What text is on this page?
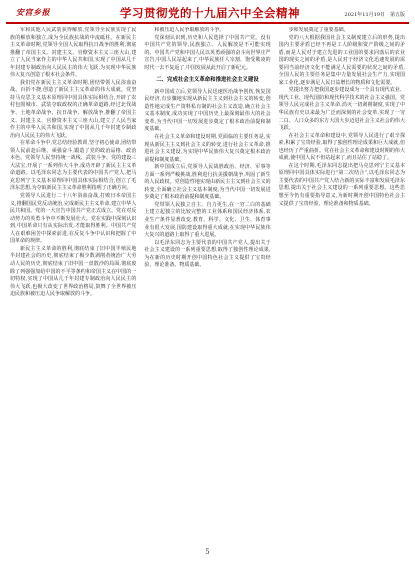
安宫乡报	学习贯彻党的十九届六中全会精神	2021年11月19日　第五版

军和其他人民武装获得解放,党领导全民族实现了民族的解放和独立,成为全民族抗战的中流砥柱。在新民主主义革命时期,党领导全国人民取得抗日战争的胜利,彻底推翻了帝国主义、封建主义、官僚资本主义三座大山,建立了人民当家作主的中华人民共和国,实现了中国从几千年封建专制政治向人民民主的伟大飞跃,为实现中华民族伟大复兴创造了根本社会条件。

我们党在新民主主义革命时期,团结带领人民浴血奋战、百折不挠,创造了新民主主义革命的伟大成就。党坚持马克思主义基本原理同中国具体实际相结合,开辟了农村包围城市、武装夺取政权的正确革命道路,经过北伐战争、土地革命战争、抗日战争、解放战争,推翻了帝国主义、封建主义、官僚资本主义三座大山,建立了人民当家作主的中华人民共和国,实现了中国从几千年封建专制政治向人民民主的伟大飞跃。

在革命斗争中,党总结经验教训,坚守初心使命,团结带领人民前赴后继、顽强奋斗,锻造了党的政治品格、政治本色。党领导人民坚持统一战线、武装斗争、党的建设三大法宝,开展了一系列伟大斗争,成功开辟了新民主主义革命道路。以毛泽东同志为主要代表的中国共产党人,把马克思列宁主义基本原理同中国具体实际相结合,创立了毛泽东思想,为夺取新民主主义革命胜利指明了正确方向。

党领导人民进行二十八年浴血奋战,打败日本帝国主义,推翻国民党反动统治,完成新民主主义革命,建立中华人民共和国。党的一大宣告中国共产党正式成立。党在对反动势力的英勇斗争中不断发展壮大。党在实践中深刻认识到,中国革命只有从实际出发,才能取得胜利。中国共产党人在艰难困苦中探索前进,在反复斗争中认识和把握了中国革命的规律。

新民主主义革命的胜利,彻底结束了旧中国半殖民地半封建社会的历史,彻底结束了极少数剥削者统治广大劳动人民的历史,彻底结束了旧中国一盘散沙的局面,彻底废除了列强强加给中国的不平等条约和帝国主义在中国的一切特权,实现了中国从几千年封建专制政治向人民民主的伟大飞跃,也极大改变了世界政治格局,鼓舞了全世界被压迫民族和被压迫人民争取解放的斗争。

和被压迫人民争取解放的斗争。

党深刻认识到,历史和人民选择了中国共产党。没有中国共产党的领导,民族独立、人民解放是不可能实现的。中国共产党和中国人民以英勇顽强的奋斗向世界庄严宣告,中国人民站起来了,中华民族任人宰割、饱受欺凌的时代一去不复返了,中国发展从此开启了新纪元。

二、完成社会主义革命和推进社会主义建设

新中国成立后,党领导人民迅速医治战争创伤,恢复国民经济,有步骤地实现从新民主主义到社会主义的转变,创造性地完成生产资料私有制的社会主义改造,确立社会主义基本制度,成功实现了中国历史上最深刻最伟大的社会变革,为当代中国一切发展进步奠定了根本政治前提和制度基础。

在社会主义革命和建设时期,党面临的主要任务是,实现从新民主主义到社会主义的转变,进行社会主义革命,推进社会主义建设,为实现中华民族伟大复兴奠定根本政治前提和制度基础。

新中国成立后,党领导人民战胜政治、经济、军事等方面一系列严峻挑战,胜利进行抗美援朝战争,巩固了新生的人民政权。党创造性地实现由新民主主义到社会主义的转变,全面确立社会主义基本制度,为当代中国一切发展进步奠定了根本政治前提和制度基础。

党带领人民独立自主、自力更生,在一穷二白的基础上建立起独立的比较完整的工业体系和国民经济体系,农业生产条件显著改变,教育、科学、文化、卫生、体育事业有很大发展,国防建设取得重大成就,在实现中华民族伟大复兴的道路上取得了重大进展。

以毛泽东同志为主要代表的中国共产党人,提出关于社会主义建设的一系列重要思想,取得了独创性理论成果,为在新的历史时期开创中国特色社会主义提供了宝贵经验、理论准备、物质基础。

步和发展奠定了重要基础。

党的八大根据我国社会主义制度建立后的形势,提出国内主要矛盾已经不再是工人阶级和资产阶级之间的矛盾,而是人民对于建立先进的工业国的要求同落后的农业国的现实之间的矛盾,是人民对于经济文化迅速发展的需要同当前经济文化不能满足人民需要的状况之间的矛盾,全国人民的主要任务是集中力量发展社会生产力,实现国家工业化,逐步满足人民日益增长的物质和文化需要。

党提出努力把我国逐步建设成为一个具有现代农业、现代工业、现代国防和现代科学技术的社会主义强国。党领导人民完成社会主义革命,消灭一切剥削制度,实现了中华民族有史以来最为广泛而深刻的社会变革,实现了一穷二白、人口众多的东方大国大步迈进社会主义社会的伟大飞跃。

在社会主义革命和建设中,党领导人民进行了艰辛探索,积累了宝贵经验,取得了独创性理论成果和巨大成就,但也经历了严重曲折。党在社会主义革命和建设时期的伟大成就,使中国人民不但站起来了,而且站住了站稳了。

在这个时期,毛泽东同志提出把马克思列宁主义基本原理同中国具体实际进行“第二次结合”,以毛泽东同志为主要代表的中国共产党人结合新的实际丰富和发展毛泽东思想,提出关于社会主义建设的一系列重要思想。这些思想至今仍有重要指导意义,为新时期开创中国特色社会主义提供了宝贵经验、理论准备和物质基础。

5
